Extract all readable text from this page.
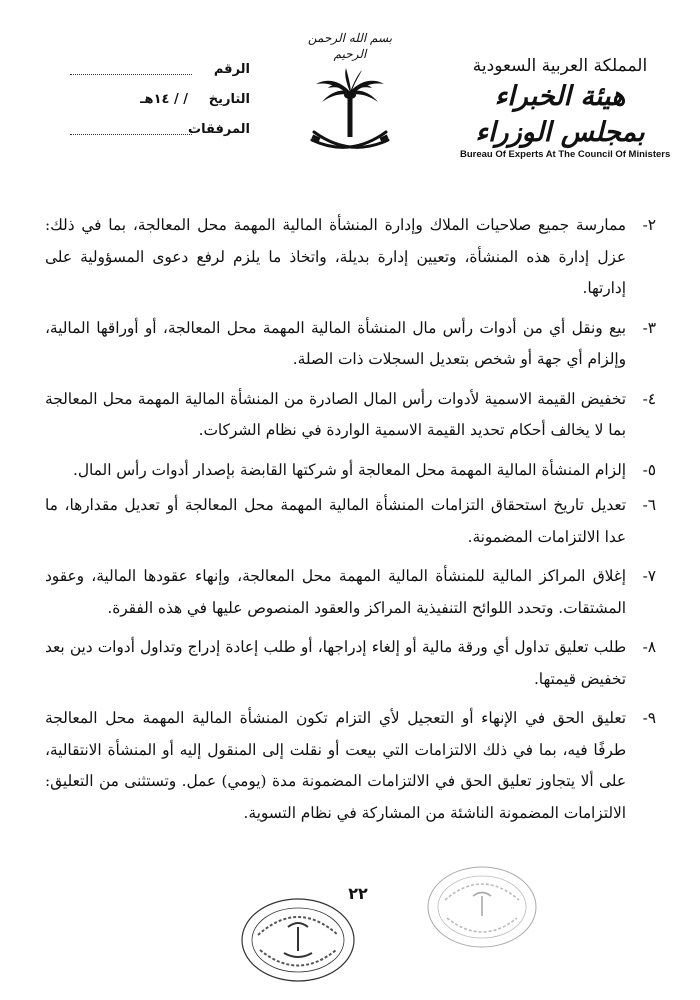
المملكة العربية السعودية
هيئة الخبراء بمجلس الوزراء
Bureau Of Experts At The Council Of Ministers
بسم الله الرحمن الرحيم
الرقم
التاريخ
/ / ١٤هـ
المرفقات
٢-

ممارسة جميع صلاحيات الملاك وإدارة المنشأة المالية المهمة محل المعالجة، بما في ذلك: عزل إدارة هذه المنشأة، وتعيين إدارة بديلة، واتخاذ ما يلزم لرفع دعوى المسؤولية على إدارتها.

٣-

بيع ونقل أي من أدوات رأس مال المنشأة المالية المهمة محل المعالجة، أو أوراقها المالية، وإلزام أي جهة أو شخص بتعديل السجلات ذات الصلة.

٤-

تخفيض القيمة الاسمية لأدوات رأس المال الصادرة من المنشأة المالية المهمة محل المعالجة بما لا يخالف أحكام تحديد القيمة الاسمية الواردة في نظام الشركات.

٥-

إلزام المنشأة المالية المهمة محل المعالجة أو شركتها القابضة بإصدار أدوات رأس المال.

٦-

تعديل تاريخ استحقاق التزامات المنشأة المالية المهمة محل المعالجة أو تعديل مقدارها، ما عدا الالتزامات المضمونة.

٧-

إغلاق المراكز المالية للمنشأة المالية المهمة محل المعالجة، وإنهاء عقودها المالية، وعقود المشتقات. وتحدد اللوائح التنفيذية المراكز والعقود المنصوص عليها في هذه الفقرة.

٨-

طلب تعليق تداول أي ورقة مالية أو إلغاء إدراجها، أو طلب إعادة إدراج وتداول أدوات دين بعد تخفيض قيمتها.

٩-

تعليق الحق في الإنهاء أو التعجيل لأي التزام تكون المنشأة المالية المهمة محل المعالجة طرفًا فيه، بما في ذلك الالتزامات التي بيعت أو نقلت إلى المنقول إليه أو المنشأة الانتقالية، على ألا يتجاوز تعليق الحق في الالتزامات المضمونة مدة (يومي) عمل. وتستثنى من التعليق: الالتزامات المضمونة الناشئة من المشاركة في نظام التسوية.

٢٢
